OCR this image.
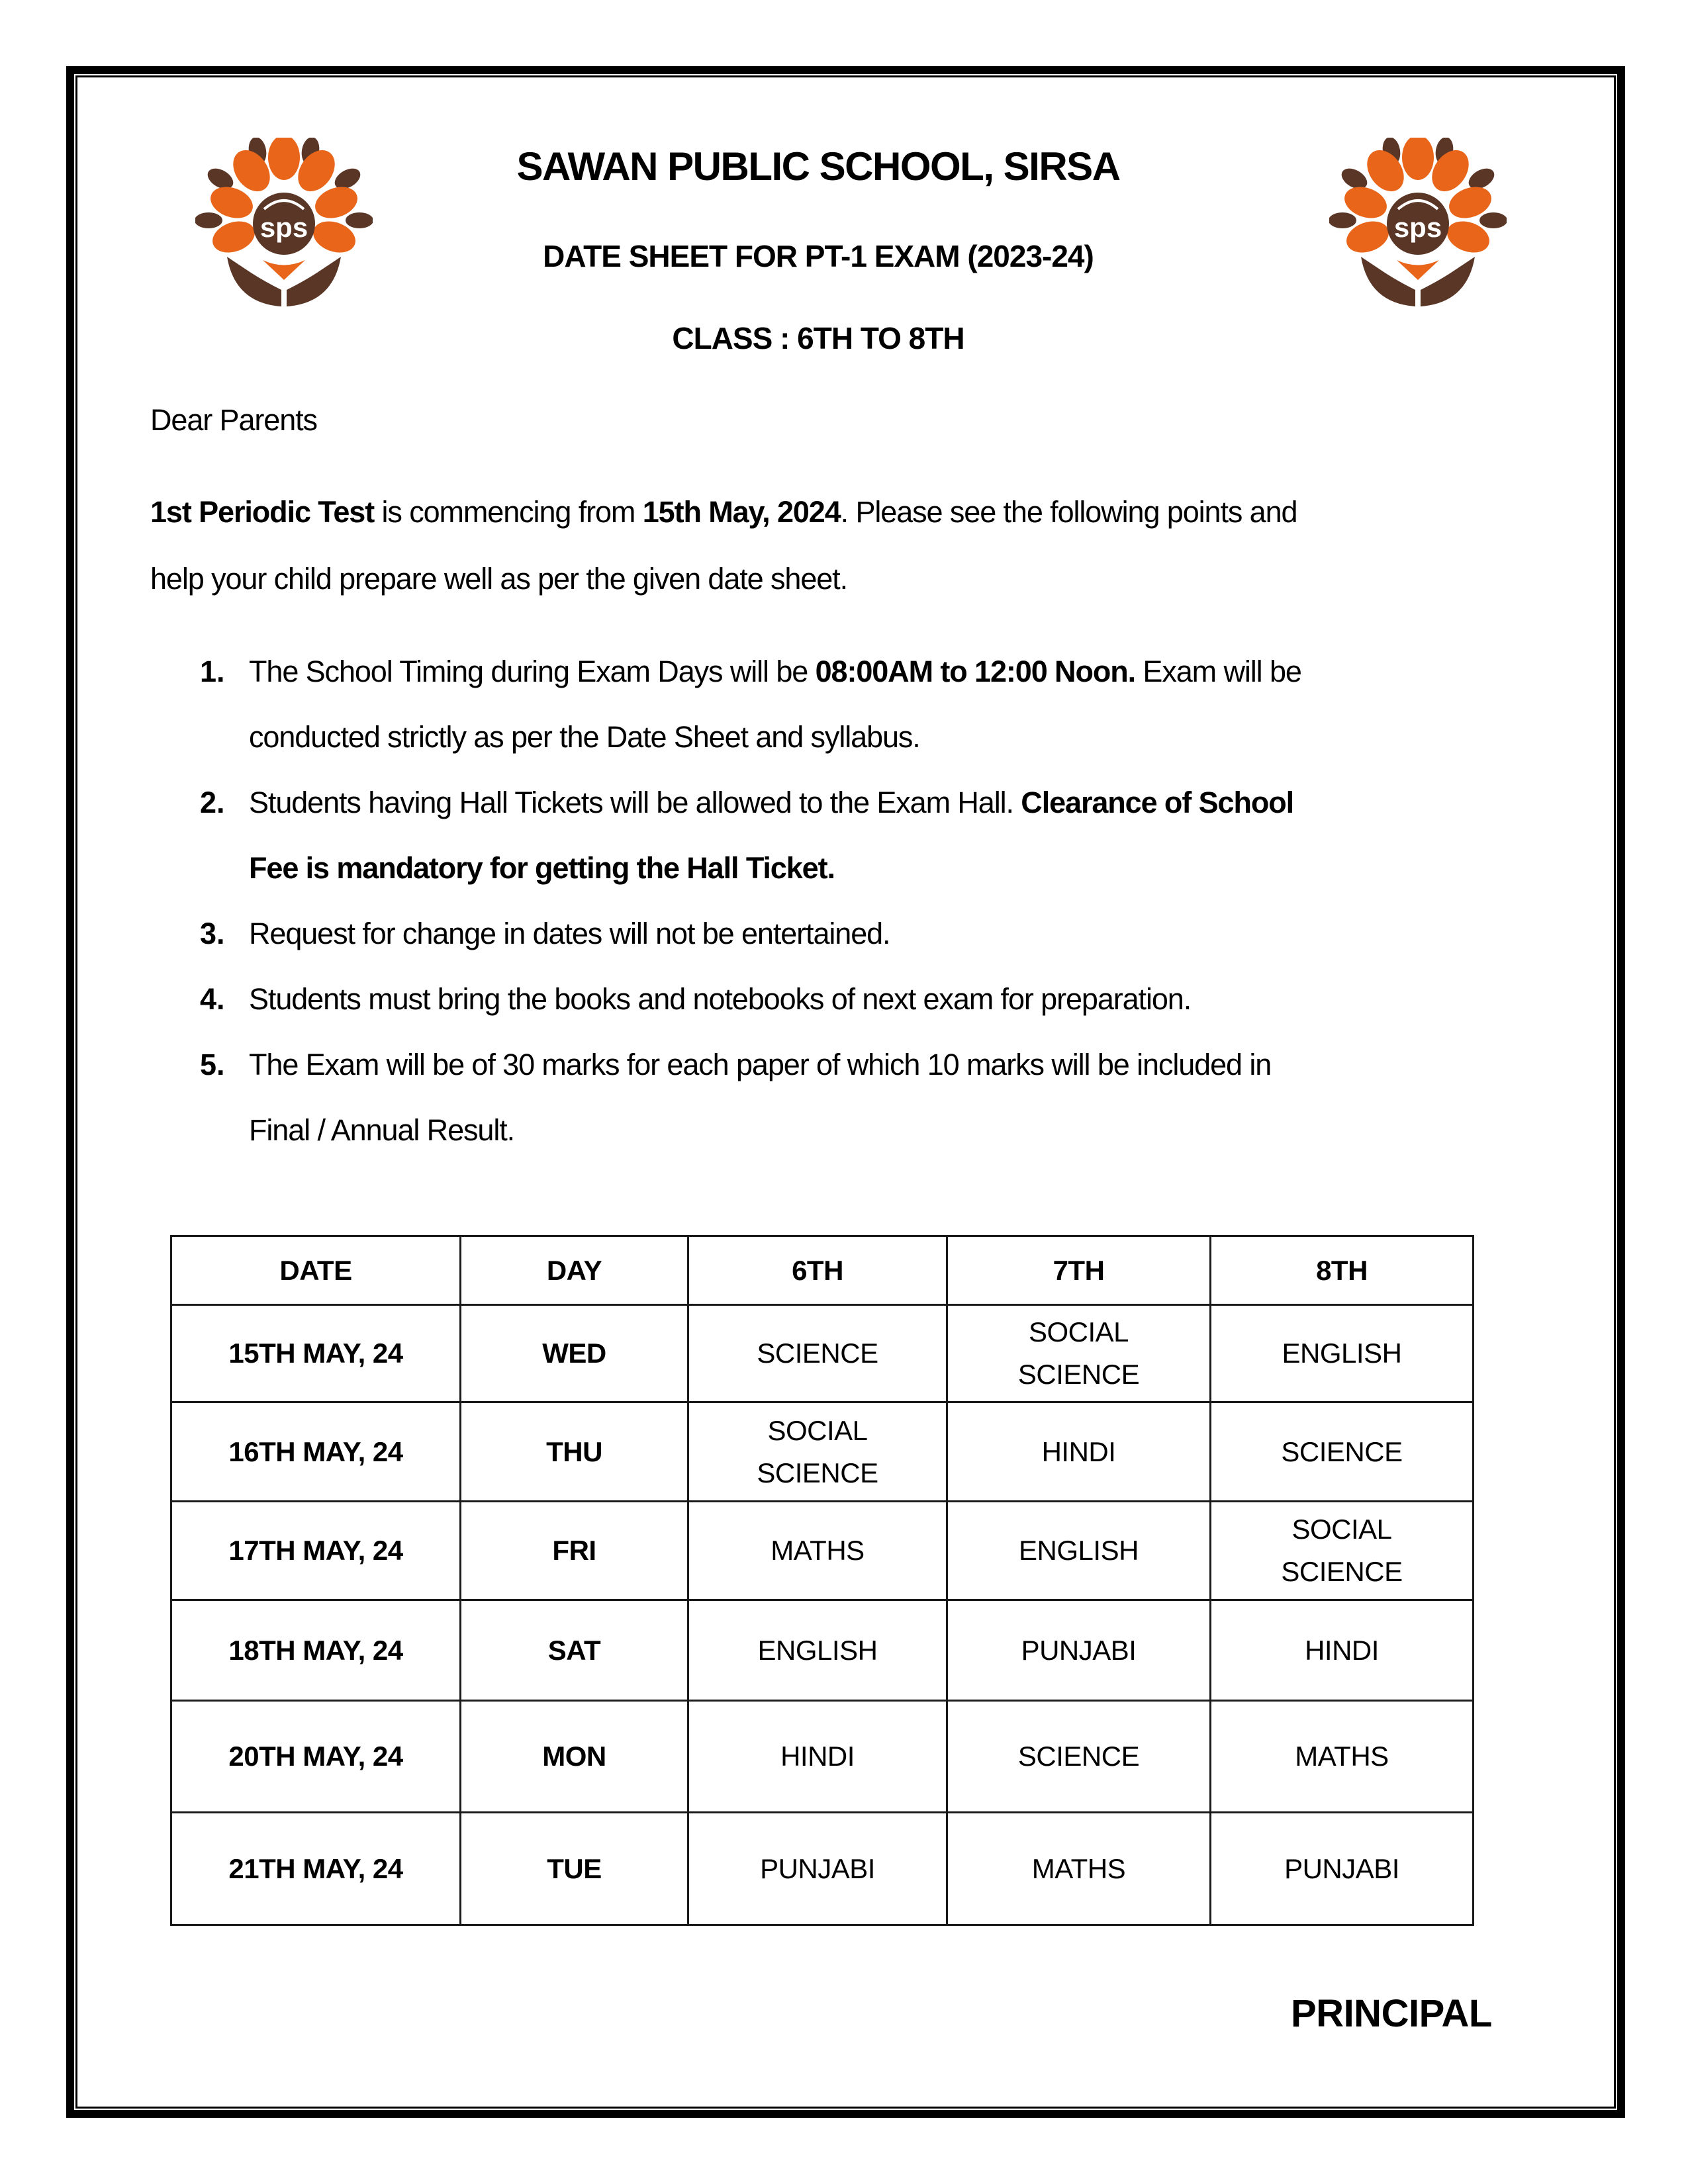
sps	sps
SAWAN PUBLIC SCHOOL, SIRSA
DATE SHEET FOR PT-1 EXAM (2023-24)
CLASS : 6TH TO 8TH
Dear Parents
1st Periodic Test is commencing from 15th May, 2024. Please see the following points and
help your child prepare well as per the given date sheet.
1. The School Timing during Exam Days will be 08:00AM to 12:00 Noon. Exam will be
conducted strictly as per the Date Sheet and syllabus.
2. Students having Hall Tickets will be allowed to the Exam Hall. Clearance of School
Fee is mandatory for getting the Hall Ticket.
3. Request for change in dates will not be entertained.
4. Students must bring the books and notebooks of next exam for preparation.
5. The Exam will be of 30 marks for each paper of which 10 marks will be included in
Final / Annual Result.
DATE	DAY	6TH	7TH	8TH
15TH MAY, 24	WED	SCIENCE	SOCIAL
SCIENCE	ENGLISH

16TH MAY, 24	THU	SOCIAL
SCIENCE	HINDI	SCIENCE

17TH MAY, 24	FRI	MATHS	ENGLISH	SOCIAL
SCIENCE

18TH MAY, 24	SAT	ENGLISH	PUNJABI	HINDI

20TH MAY, 24	MON	HINDI	SCIENCE	MATHS

21TH MAY, 24	TUE	PUNJABI	MATHS	PUNJABI
PRINCIPAL
